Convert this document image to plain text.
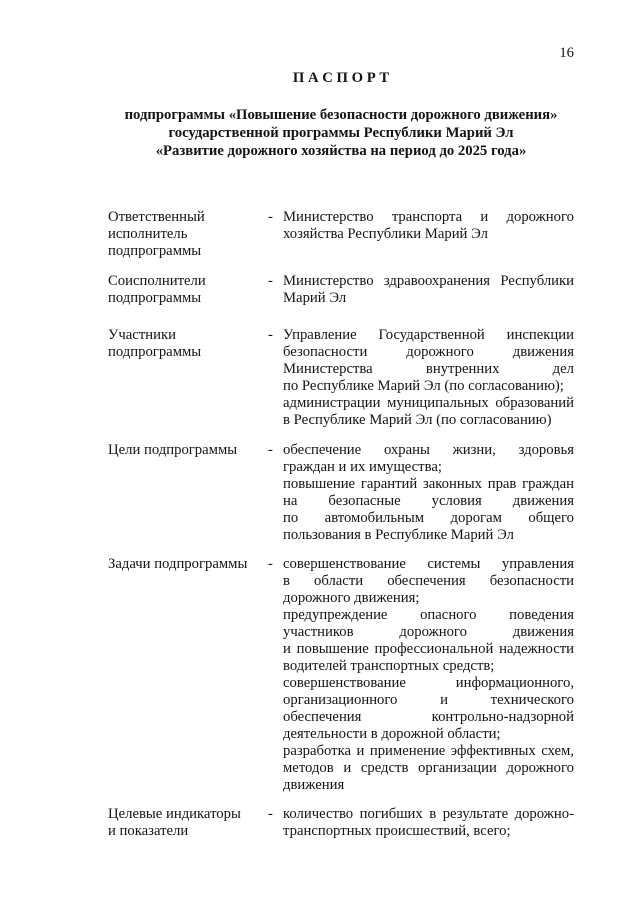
16
П А С П О Р Т
подпрограммы «Повышение безопасности дорожного движения»
государственной программы Республики Марий Эл
«Развитие дорожного хозяйства на период до 2025 года»
Ответственный
исполнитель
подпрограммы
- Министерство транспорта и дорожного
хозяйства Республики Марий Эл
Соисполнители
подпрограммы
- Министерство здравоохранения Республики
Марий Эл
Участники
подпрограммы
- Управление Государственной инспекции
безопасности дорожного движения
Министерства внутренних дел
по Республике Марий Эл (по согласованию);
администрации муниципальных образований
в Республике Марий Эл (по согласованию)
Цели подпрограммы	- обеспечение охраны жизни, здоровья
граждан и их имущества;
повышение гарантий законных прав граждан
на безопасные условия движения
по автомобильным дорогам общего
пользования в Республике Марий Эл
Задачи подпрограммы	- совершенствование системы управления
в области обеспечения безопасности
дорожного движения;
предупреждение опасного поведения
участников дорожного движения
и повышение профессиональной надежности
водителей транспортных средств;
совершенствование информационного,
организационного и технического
обеспечения контрольно-надзорной
деятельности в дорожной области;
разработка и применение эффективных схем,
методов и средств организации дорожного
движения
Целевые индикаторы
и показатели
- количество погибших в результате дорожно-
транспортных происшествий, всего;
